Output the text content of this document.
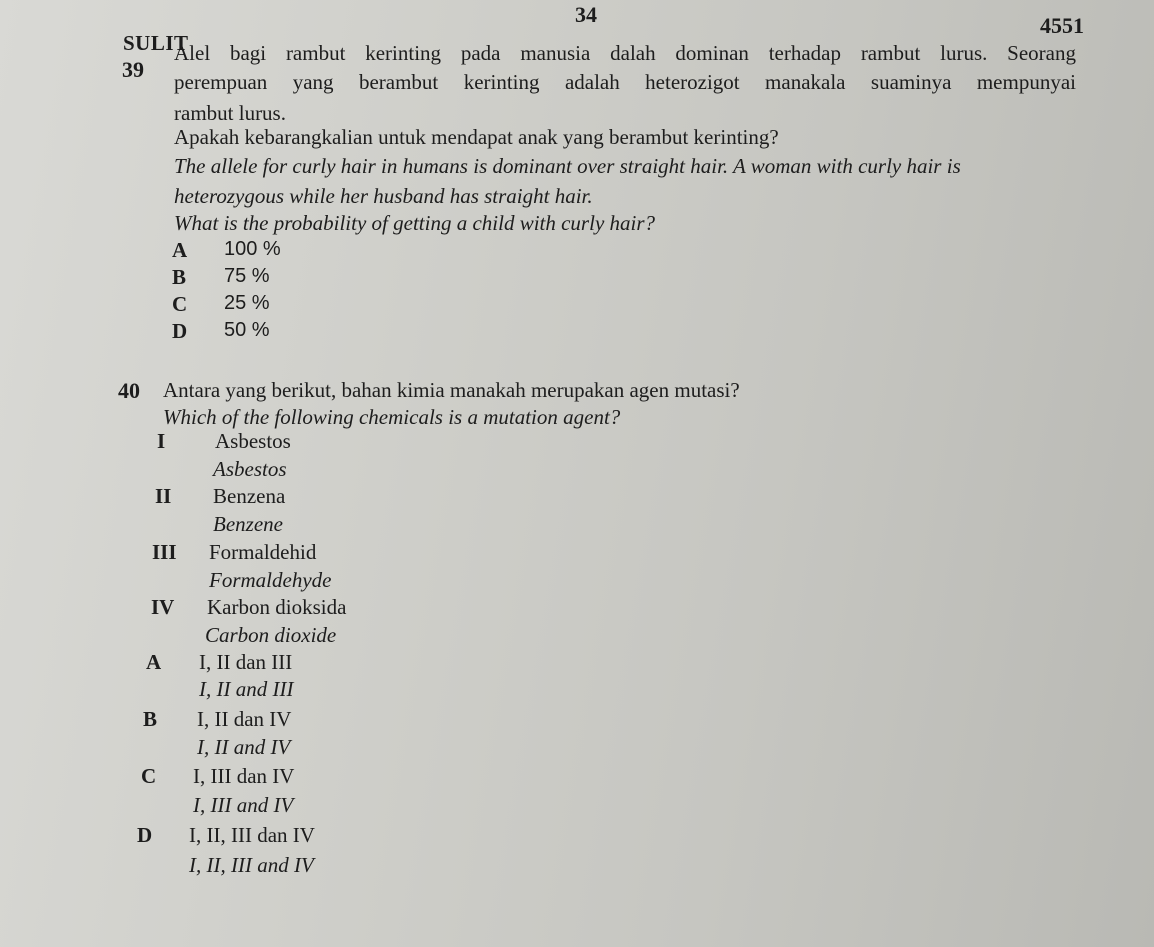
34	4551
SULIT
39
Alel bagi rambut kerinting pada manusia dalah dominan terhadap rambut lurus. Seorang
perempuan yang berambut kerinting adalah heterozigot manakala suaminya mempunyai
rambut lurus.
Apakah kebarangkalian untuk mendapat anak yang berambut kerinting?
The allele for curly hair in humans is dominant over straight hair. A woman with curly hair is
heterozygous while her husband has straight hair.
What is the probability of getting a child with curly hair?
A 100 %
B 75 %
C 25 %
D 50 %
40 Antara yang berikut, bahan kimia manakah merupakan agen mutasi?
Which of the following chemicals is a mutation agent?
I Asbestos
Asbestos
II Benzena
Benzene
III Formaldehid
Formaldehyde
IV Karbon dioksida
Carbon dioxide
A I, II dan III
I, II and III
B I, II dan IV
I, II and IV
C I, III dan IV
I, III and IV
D I, II, III dan IV
I, II, III and IV
